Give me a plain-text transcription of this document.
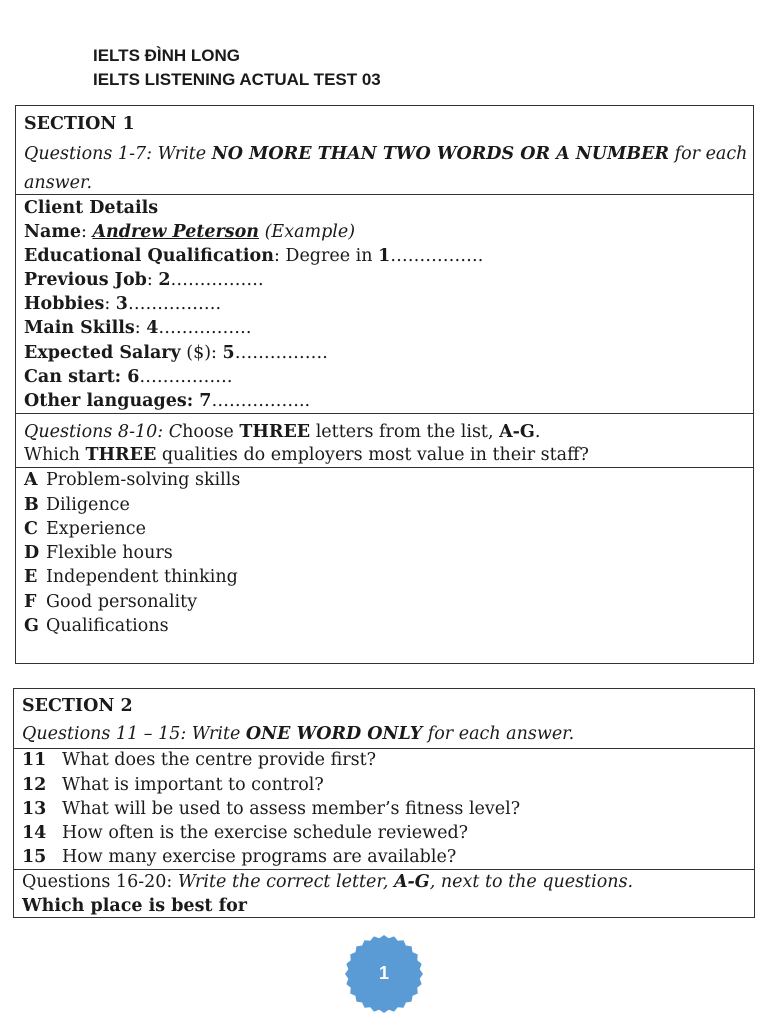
IELTS ĐÌNH LONG
IELTS LISTENING ACTUAL TEST 03
SECTION 1
Questions 1-7: Write NO MORE THAN TWO WORDS OR A NUMBER for each
answer.
Client Details
Name: Andrew Peterson (Example)
Educational Qualification: Degree in 1…………….
Previous Job: 2…………….
Hobbies: 3…………….
Main Skills: 4…………….
Expected Salary ($): 5…………….
Can start: 6…………….
Other languages: 7……………..
Questions 8-10: Choose THREE letters from the list, A-G.
Which THREE qualities do employers most value in their staff?
A Problem-solving skills
B Diligence
C Experience
D Flexible hours
E Independent thinking
F Good personality
G Qualifications
SECTION 2
Questions 11 – 15: Write ONE WORD ONLY for each answer.
11 What does the centre provide first?
12 What is important to control?
13 What will be used to assess member’s fitness level?
14 How often is the exercise schedule reviewed?
15 How many exercise programs are available?
Questions 16-20: Write the correct letter, A-G, next to the questions.
Which place is best for
1
